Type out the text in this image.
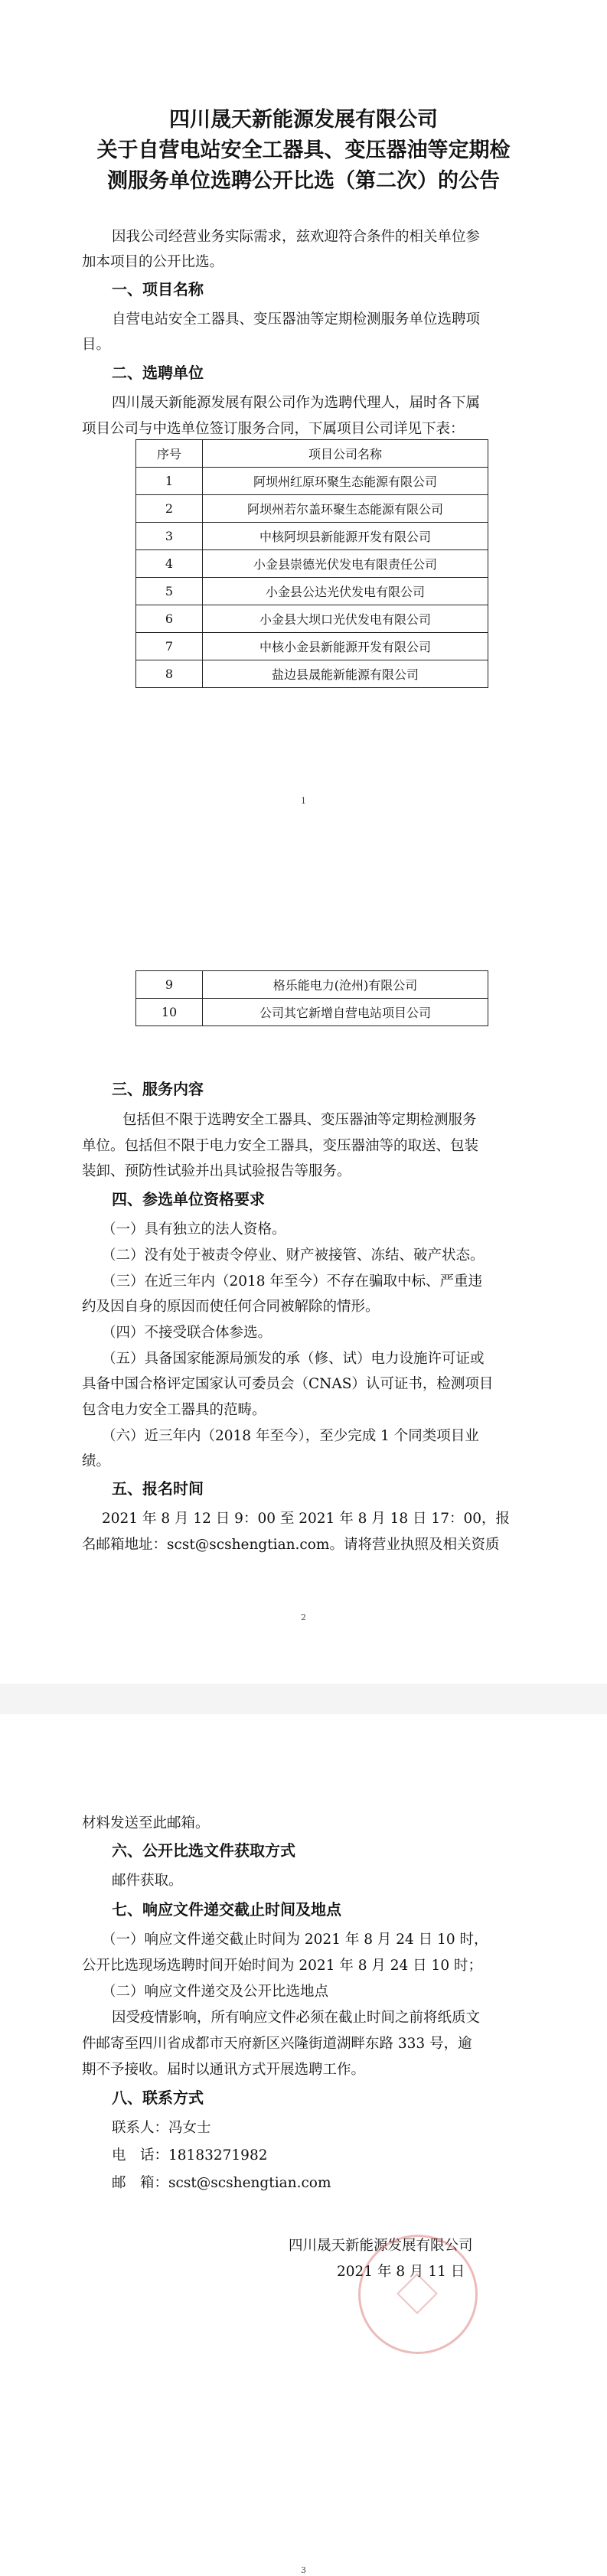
四川晟天新能源发展有限公司
关于自营电站安全工器具、变压器油等定期检
测服务单位选聘公开比选（第二次）的公告
因我公司经营业务实际需求，兹欢迎符合条件的相关单位参
加本项目的公开比选。
一、项目名称
自营电站安全工器具、变压器油等定期检测服务单位选聘项
目。
二、选聘单位
四川晟天新能源发展有限公司作为选聘代理人，届时各下属
项目公司与中选单位签订服务合同，下属项目公司详见下表：
序号	项目公司名称
1	阿坝州红原环聚生态能源有限公司
2	阿坝州若尔盖环聚生态能源有限公司
3	中核阿坝县新能源开发有限公司
4	小金县崇德光伏发电有限责任公司
5	小金县公达光伏发电有限公司
6	小金县大坝口光伏发电有限公司
7	中核小金县新能源开发有限公司
8	盐边县晟能新能源有限公司
1
9	格乐能电力(沧州)有限公司
10	公司其它新增自营电站项目公司
三、服务内容
包括但不限于选聘安全工器具、变压器油等定期检测服务
单位。包括但不限于电力安全工器具，变压器油等的取送、包装
装卸、预防性试验并出具试验报告等服务。
四、参选单位资格要求
（一）具有独立的法人资格。
（二）没有处于被责令停业、财产被接管、冻结、破产状态。
（三）在近三年内（2018 年至今）不存在骗取中标、严重违
约及因自身的原因而使任何合同被解除的情形。
（四）不接受联合体参选。
（五）具备国家能源局颁发的承（修、试）电力设施许可证或
具备中国合格评定国家认可委员会（CNAS）认可证书，检测项目
包含电力安全工器具的范畴。
（六）近三年内（2018 年至今），至少完成 1 个同类项目业
绩。
五、报名时间
2021 年 8 月 12 日 9：00 至 2021 年 8 月 18 日 17：00，报
名邮箱地址：scst@scshengtian.com。请将营业执照及相关资质
2
材料发送至此邮箱。
六、公开比选文件获取方式
邮件获取。
七、响应文件递交截止时间及地点
（一）响应文件递交截止时间为 2021 年 8 月 24 日 10 时，
公开比选现场选聘时间开始时间为 2021 年 8 月 24 日 10 时；
（二）响应文件递交及公开比选地点
因受疫情影响，所有响应文件必须在截止时间之前将纸质文
件邮寄至四川省成都市天府新区兴隆街道湖畔东路 333 号，逾
期不予接收。届时以通讯方式开展选聘工作。
八、联系方式
联系人：冯女士
电　话：18183271982
邮　箱：scst@scshengtian.com
四川晟天新能源发展有限公司
2021 年 8 月 11 日
3
